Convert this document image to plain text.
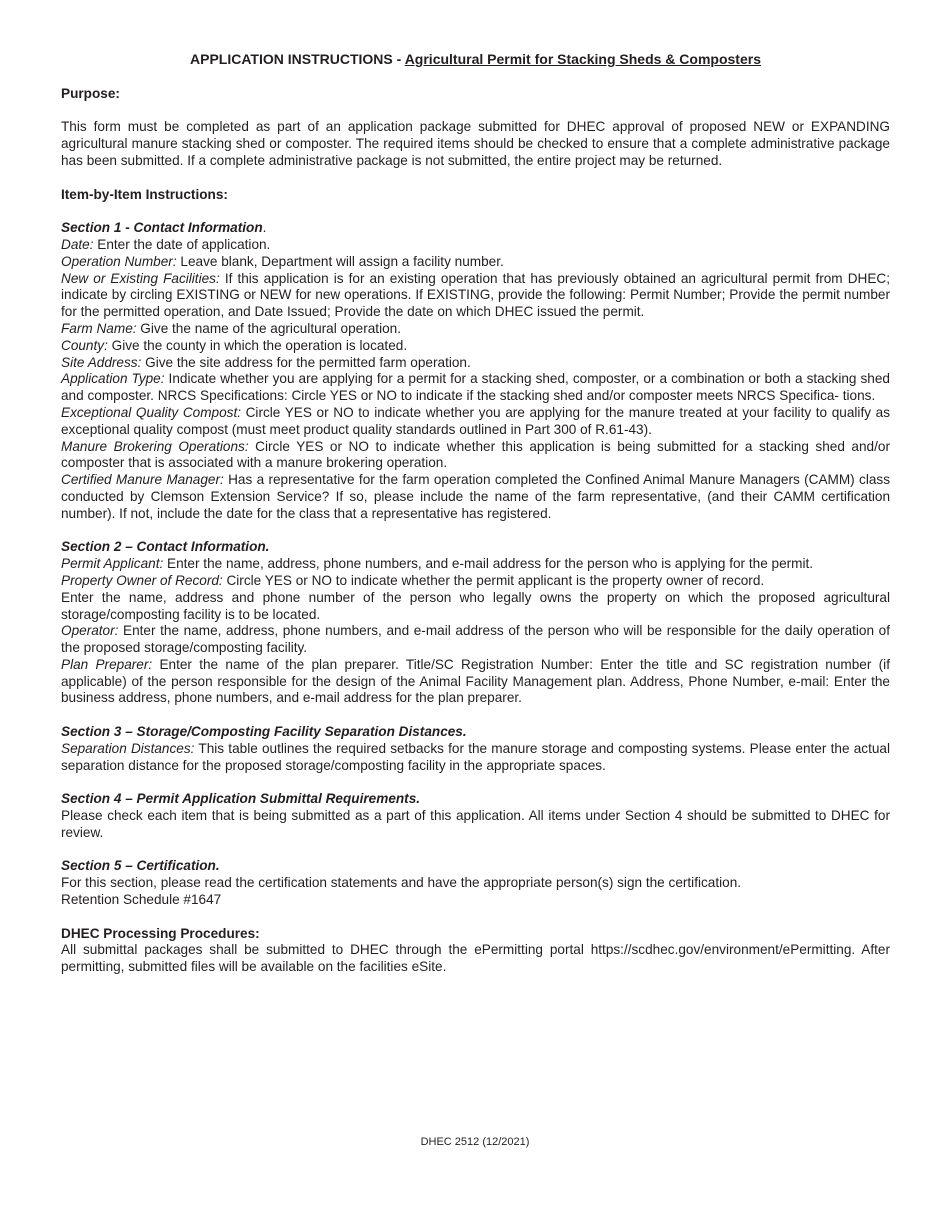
APPLICATION INSTRUCTIONS - Agricultural Permit for Stacking Sheds & Composters

Purpose:

This form must be completed as part of an application package submitted for DHEC approval of proposed NEW or EXPANDING agricultural manure stacking shed or composter. The required items should be checked to ensure that a complete administrative package has been submitted. If a complete administrative package is not submitted, the entire project may be returned.

Item-by-Item Instructions:

Section 1 - Contact Information.

Date: Enter the date of application.

Operation Number: Leave blank, Department will assign a facility number.

New or Existing Facilities: If this application is for an existing operation that has previously obtained an agricultural permit from DHEC; indicate by circling EXISTING or NEW for new operations. If EXISTING, provide the following: Permit Number; Provide the permit number for the permitted operation, and Date Issued; Provide the date on which DHEC issued the permit.

Farm Name: Give the name of the agricultural operation.

County: Give the county in which the operation is located.

Site Address: Give the site address for the permitted farm operation.

Application Type: Indicate whether you are applying for a permit for a stacking shed, composter, or a combination or both a stacking shed and composter. NRCS Specifications: Circle YES or NO to indicate if the stacking shed and/or composter meets NRCS Specifica- tions.

Exceptional Quality Compost: Circle YES or NO to indicate whether you are applying for the manure treated at your facility to qualify as exceptional quality compost (must meet product quality standards outlined in Part 300 of R.61-43).

Manure Brokering Operations: Circle YES or NO to indicate whether this application is being submitted for a stacking shed and/or composter that is associated with a manure brokering operation.

Certified Manure Manager: Has a representative for the farm operation completed the Confined Animal Manure Managers (CAMM) class conducted by Clemson Extension Service? If so, please include the name of the farm representative, (and their CAMM certification number). If not, include the date for the class that a representative has registered.

Section 2 – Contact Information.

Permit Applicant: Enter the name, address, phone numbers, and e-mail address for the person who is applying for the permit.

Property Owner of Record: Circle YES or NO to indicate whether the permit applicant is the property owner of record.

Enter the name, address and phone number of the person who legally owns the property on which the proposed agricultural storage/composting facility is to be located.

Operator: Enter the name, address, phone numbers, and e-mail address of the person who will be responsible for the daily operation of the proposed storage/composting facility.

Plan Preparer: Enter the name of the plan preparer. Title/SC Registration Number: Enter the title and SC registration number (if applicable) of the person responsible for the design of the Animal Facility Management plan. Address, Phone Number, e-mail: Enter the business address, phone numbers, and e-mail address for the plan preparer.

Section 3 – Storage/Composting Facility Separation Distances.

Separation Distances: This table outlines the required setbacks for the manure storage and composting systems. Please enter the actual separation distance for the proposed storage/composting facility in the appropriate spaces.

Section 4 – Permit Application Submittal Requirements.

Please check each item that is being submitted as a part of this application. All items under Section 4 should be submitted to DHEC for review.

Section 5 – Certification.

For this section, please read the certification statements and have the appropriate person(s) sign the certification.

Retention Schedule #1647

DHEC Processing Procedures:

All submittal packages shall be submitted to DHEC through the ePermitting portal https://scdhec.gov/environment/ePermitting. After permitting, submitted files will be available on the facilities eSite.

DHEC 2512 (12/2021)
